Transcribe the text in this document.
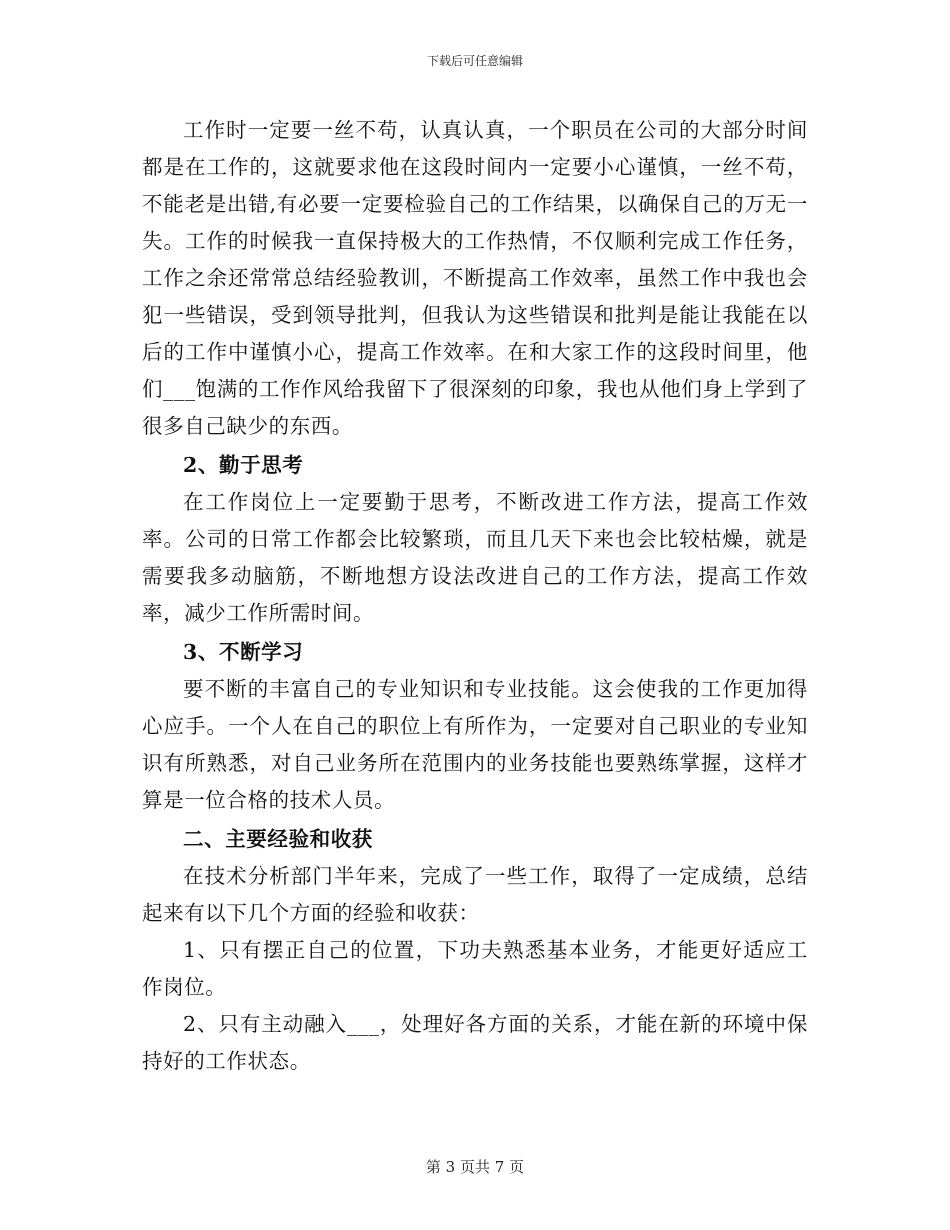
下载后可任意编辑

工作时一定要一丝不苟，认真认真，一个职员在公司的大部分时间都是在工作的，这就要求他在这段时间内一定要小心谨慎，一丝不苟，不能老是出错,有必要一定要检验自己的工作结果，以确保自己的万无一失。工作的时候我一直保持极大的工作热情，不仅顺利完成工作任务，工作之余还常常总结经验教训，不断提高工作效率，虽然工作中我也会犯一些错误，受到领导批判，但我认为这些错误和批判是能让我能在以后的工作中谨慎小心，提高工作效率。在和大家工作的这段时间里，他们___饱满的工作作风给我留下了很深刻的印象，我也从他们身上学到了很多自己缺少的东西。

2、勤于思考

在工作岗位上一定要勤于思考，不断改进工作方法，提高工作效率。公司的日常工作都会比较繁琐，而且几天下来也会比较枯燥，就是需要我多动脑筋，不断地想方设法改进自己的工作方法，提高工作效率，减少工作所需时间。

3、不断学习

要不断的丰富自己的专业知识和专业技能。这会使我的工作更加得心应手。一个人在自己的职位上有所作为，一定要对自己职业的专业知识有所熟悉，对自己业务所在范围内的业务技能也要熟练掌握，这样才算是一位合格的技术人员。

二、主要经验和收获

在技术分析部门半年来，完成了一些工作，取得了一定成绩，总结起来有以下几个方面的经验和收获：

1、只有摆正自己的位置，下功夫熟悉基本业务，才能更好适应工作岗位。

2、只有主动融入___，处理好各方面的关系，才能在新的环境中保持好的工作状态。

第 3 页共 7 页
